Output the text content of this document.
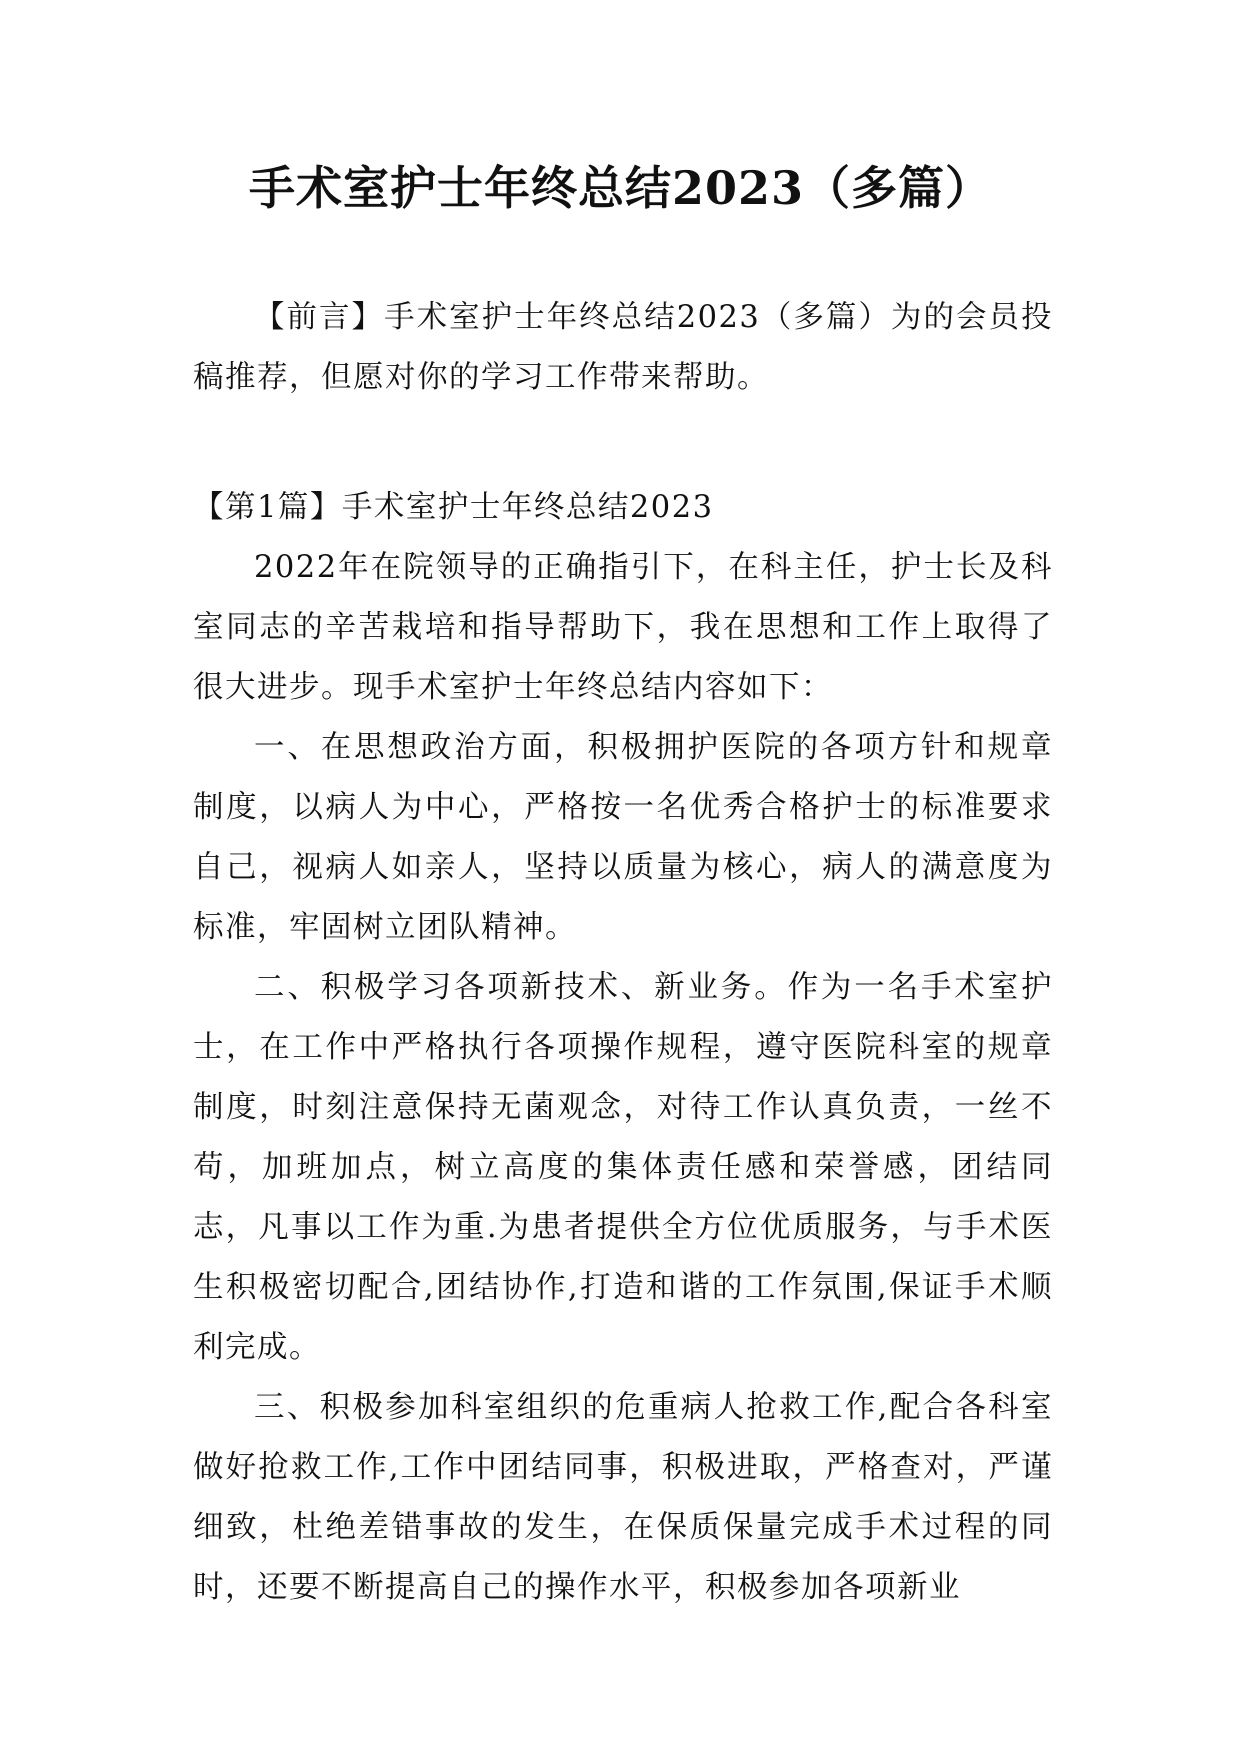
手术室护士年终总结2023（多篇）

【前言】手术室护士年终总结2023（多篇）为的会员投稿推荐，但愿对你的学习工作带来帮助。

【第1篇】手术室护士年终总结2023

2022年在院领导的正确指引下，在科主任，护士长及科室同志的辛苦栽培和指导帮助下，我在思想和工作上取得了很大进步。现手术室护士年终总结内容如下：

一、在思想政治方面，积极拥护医院的各项方针和规章制度，以病人为中心，严格按一名优秀合格护士的标准要求自己，视病人如亲人，坚持以质量为核心，病人的满意度为标准，牢固树立团队精神。

二、积极学习各项新技术、新业务。作为一名手术室护士，在工作中严格执行各项操作规程，遵守医院科室的规章制度，时刻注意保持无菌观念，对待工作认真负责，一丝不苟，加班加点，树立高度的集体责任感和荣誉感，团结同志，凡事以工作为重.为患者提供全方位优质服务，与手术医生积极密切配合,团结协作,打造和谐的工作氛围,保证手术顺利完成。

三、积极参加科室组织的危重病人抢救工作,配合各科室做好抢救工作,工作中团结同事，积极进取，严格查对，严谨细致，杜绝差错事故的发生，在保质保量完成手术过程的同时，还要不断提高自己的操作水平，积极参加各项新业
